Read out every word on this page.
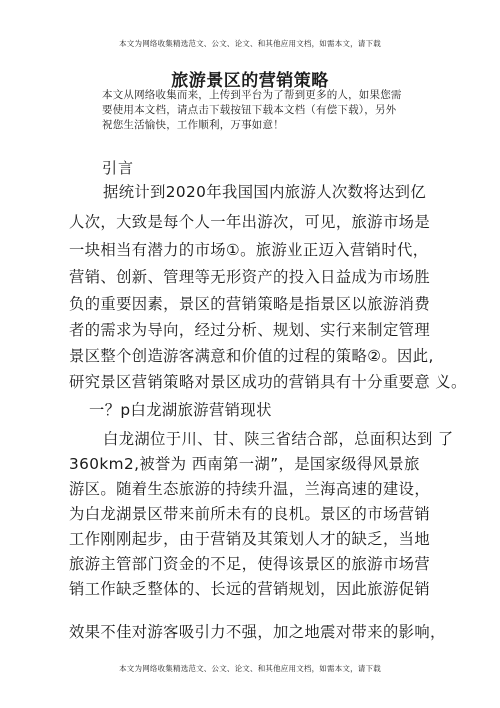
本文为网络收集精选范文、公文、论文、和其他应用文档，如需本文，请下载
旅游景区的营销策略
本文从网络收集而来，上传到平台为了帮到更多的人，如果您需要使用本文档，请点击下载按钮下载本文档（有偿下载），另外祝您生活愉快，工作顺利，万事如意！
引言
据统计到2020年我国国内旅游人次数将达到亿
人次，大致是每个人一年出游次，可见，旅游市场是
一块相当有潜力的市场①。旅游业正迈入营销时代，
营销、创新、管理等无形资产的投入日益成为市场胜
负的重要因素，景区的营销策略是指景区以旅游消费
者的需求为导向，经过分析、规划、实行来制定管理
景区整个创造游客满意和价值的过程的策略②。因此,
研究景区营销策略对景区成功的营销具有十分重要意 义。
一？p白龙湖旅游营销现状
白龙湖位于川、甘、陕三省结合部，总面积达到 了
360km2,被誉为 西南第一湖”，是国家级得风景旅
游区。随着生态旅游的持续升温，兰海高速的建设，
为白龙湖景区带来前所未有的良机。景区的市场营销
工作刚刚起步，由于营销及其策划人才的缺乏，当地
旅游主管部门资金的不足，使得该景区的旅游市场营
销工作缺乏整体的、长远的营销规划，因此旅游促销
效果不佳对游客吸引力不强，加之地震对带来的影响，
本文为网络收集精选范文、公文、论文、和其他应用文档，如需本文，请下载
